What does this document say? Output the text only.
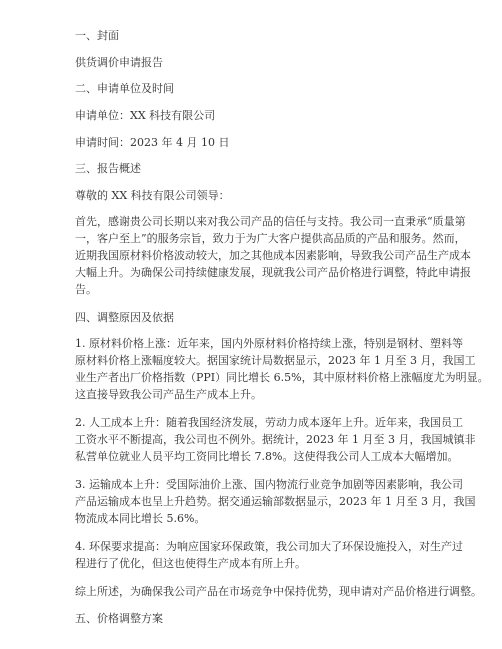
一、封面
供货调价申请报告
二、申请单位及时间
申请单位：XX 科技有限公司
申请时间：2023 年 4 月 10 日
三、报告概述
尊敬的 XX 科技有限公司领导：
首先，感谢贵公司长期以来对我公司产品的信任与支持。我公司一直秉承“质量第
一，客户至上”的服务宗旨，致力于为广大客户提供高品质的产品和服务。然而，
近期我国原材料价格波动较大，加之其他成本因素影响，导致我公司产品生产成本
大幅上升。为确保公司持续健康发展，现就我公司产品价格进行调整，特此申请报
告。
四、调整原因及依据
1. 原材料价格上涨：近年来，国内外原材料价格持续上涨，特别是钢材、塑料等
原材料价格上涨幅度较大。据国家统计局数据显示，2023 年 1 月至 3 月，我国工
业生产者出厂价格指数（PPI）同比增长 6.5%，其中原材料价格上涨幅度尤为明显。
这直接导致我公司产品生产成本上升。
2. 人工成本上升：随着我国经济发展，劳动力成本逐年上升。近年来，我国员工
工资水平不断提高，我公司也不例外。据统计，2023 年 1 月至 3 月，我国城镇非
私营单位就业人员平均工资同比增长 7.8%。这使得我公司人工成本大幅增加。
3. 运输成本上升：受国际油价上涨、国内物流行业竞争加剧等因素影响，我公司
产品运输成本也呈上升趋势。据交通运输部数据显示，2023 年 1 月至 3 月，我国
物流成本同比增长 5.6%。
4. 环保要求提高：为响应国家环保政策，我公司加大了环保设施投入，对生产过
程进行了优化，但这也使得生产成本有所上升。
综上所述，为确保我公司产品在市场竞争中保持优势，现申请对产品价格进行调整。
五、价格调整方案
